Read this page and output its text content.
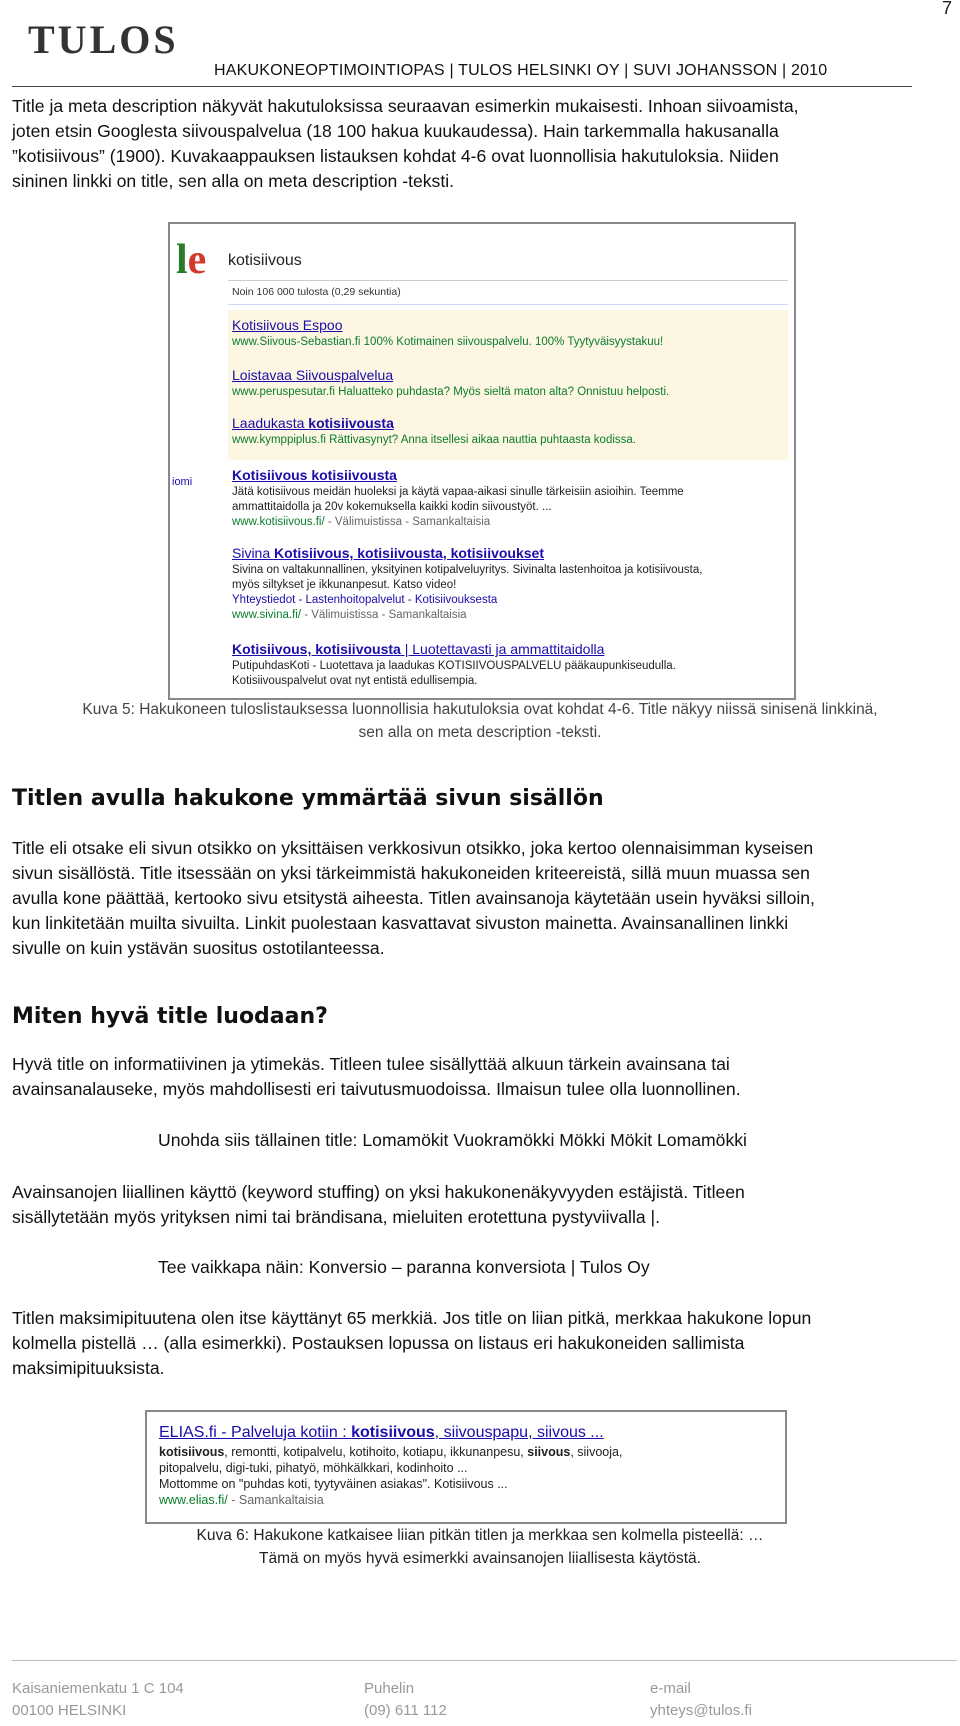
TULOS
7
HAKUKONEOPTIMOINTIOPAS | TULOS HELSINKI OY | SUVI JOHANSSON | 2010
Title ja meta description näkyvät hakutuloksissa seuraavan esimerkin mukaisesti. Inhoan siivoamista,
joten etsin Googlesta siivouspalvelua (18 100 hakua kuukaudessa). Hain tarkemmalla hakusanalla
”kotisiivous” (1900). Kuvakaappauksen listauksen kohdat 4-6 ovat luonnollisia hakutuloksia. Niiden
sininen linkki on title, sen alla on meta description -teksti.
le kotisiivous
Noin 106 000 tulosta (0,29 sekuntia)
iomi
Kotisiivous Espoo
www.Siivous-Sebastian.fi 100% Kotimainen siivouspalvelu. 100% Tyytyväisyystakuu!
Loistavaa Siivouspalvelua
www.peruspesutar.fi Haluatteko puhdasta? Myös sieltä maton alta? Onnistuu helposti.
Laadukasta kotisiivousta
www.kymppiplus.fi Rättivasynyt? Anna itsellesi aikaa nauttia puhtaasta kodissa.
Kotisiivous kotisiivousta
Jätä kotisiivous meidän huoleksi ja käytä vapaa-aikasi sinulle tärkeisiin asioihin. Teemme
ammattitaidolla ja 20v kokemuksella kaikki kodin siivoustyöt. ...
www.kotisiivous.fi/ - Välimuistissa - Samankaltaisia
Sivina Kotisiivous, kotisiivousta, kotisiivoukset
Sivina on valtakunnallinen, yksityinen kotipalveluyritys. Sivinalta lastenhoitoa ja kotisiivousta,
myös siltykset je ikkunanpesut. Katso video!
Yhteystiedot - Lastenhoitopalvelut - Kotisiivouksesta
www.sivina.fi/ - Välimuistissa - Samankaltaisia
Kotisiivous, kotisiivousta | Luotettavasti ja ammattitaidolla
PutipuhdasKoti - Luotettava ja laadukas KOTISIIVOUSPALVELU pääkaupunkiseudulla.
Kotisiivouspalvelut ovat nyt entistä edullisempia.
Kuva 5: Hakukoneen tuloslistauksessa luonnollisia hakutuloksia ovat kohdat 4-6. Title näkyy niissä sinisenä linkkinä,
sen alla on meta description -teksti.
Titlen avulla hakukone ymmärtää sivun sisällön
Title eli otsake eli sivun otsikko on yksittäisen verkkosivun otsikko, joka kertoo olennaisimman kyseisen
sivun sisällöstä. Title itsessään on yksi tärkeimmistä hakukoneiden kriteereistä, sillä muun muassa sen
avulla kone päättää, kertooko sivu etsitystä aiheesta. Titlen avainsanoja käytetään usein hyväksi silloin,
kun linkitetään muilta sivuilta. Linkit puolestaan kasvattavat sivuston mainetta. Avainsanallinen linkki
sivulle on kuin ystävän suositus ostotilanteessa.
Miten hyvä title luodaan?
Hyvä title on informatiivinen ja ytimekäs. Titleen tulee sisällyttää alkuun tärkein avainsana tai
avainsanalauseke, myös mahdollisesti eri taivutusmuodoissa. Ilmaisun tulee olla luonnollinen.
Unohda siis tällainen title: Lomamökit Vuokramökki Mökki Mökit Lomamökki
Avainsanojen liiallinen käyttö (keyword stuffing) on yksi hakukonenäkyvyyden estäjistä. Titleen
sisällytetään myös yrityksen nimi tai brändisana, mieluiten erotettuna pystyviivalla |.
Tee vaikkapa näin: Konversio – paranna konversiota | Tulos Oy
Titlen maksimipituutena olen itse käyttänyt 65 merkkiä. Jos title on liian pitkä, merkkaa hakukone lopun
kolmella pistellä … (alla esimerkki). Postauksen lopussa on listaus eri hakukoneiden sallimista
maksimipituuksista.
ELIAS.fi - Palveluja kotiin : kotisiivous, siivouspapu, siivous ...
kotisiivous, remontti, kotipalvelu, kotihoito, kotiapu, ikkunanpesu, siivous, siivooja,
pitopalvelu, digi-tuki, pihatyö, möhkälkkari, kodinhoito ...
Mottomme on "puhdas koti, tyytyväinen asiakas". Kotisiivous ...
www.elias.fi/ - Samankaltaisia
Kuva 6: Hakukone katkaisee liian pitkän titlen ja merkkaa sen kolmella pisteellä: …
Tämä on myös hyvä esimerkki avainsanojen liiallisesta käytöstä.
Kaisaniemenkatu 1 C 104
00100 HELSINKI
Puhelin
(09) 611 112
e-mail
yhteys@tulos.fi
